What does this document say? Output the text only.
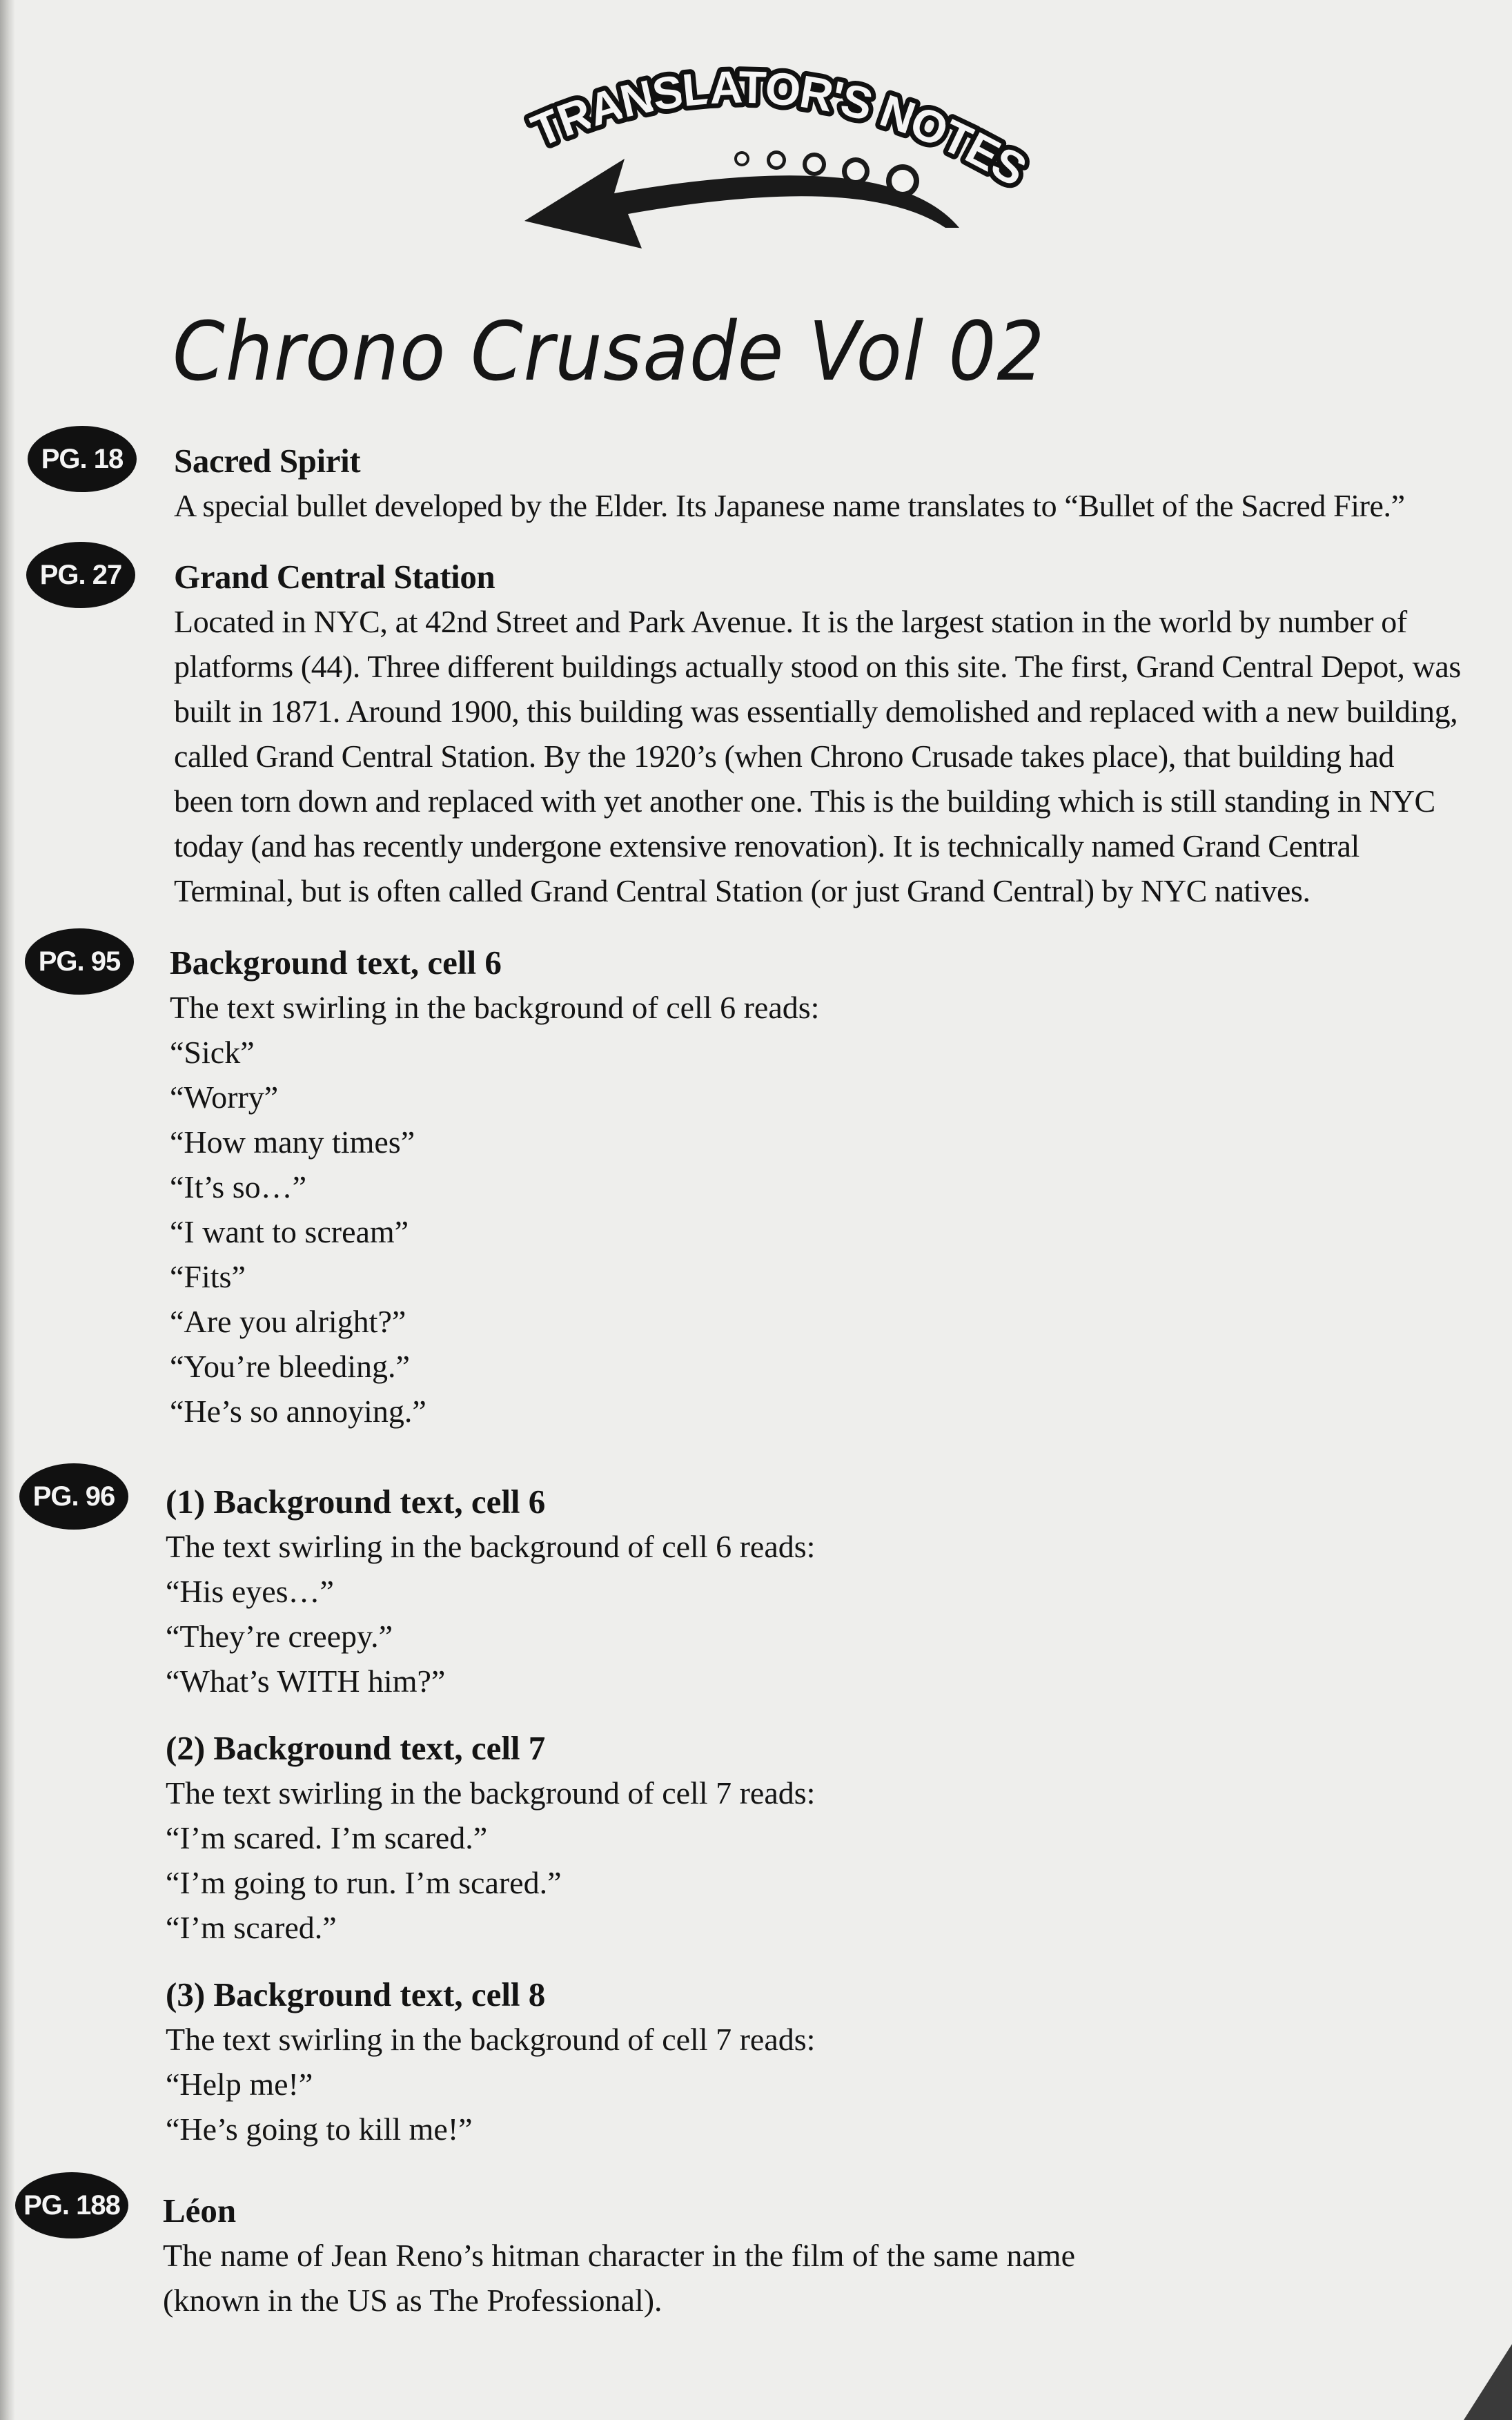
TRANSLATOR'S NOTES
Chrono Crusade Vol 02
PG. 18
PG. 27
PG. 95
PG. 96
PG. 188
Sacred Spirit
A special bullet developed by the Elder. Its Japanese name translates to “Bullet of the Sacred Fire.”
Grand Central Station
Located in NYC, at 42nd Street and Park Avenue. It is the largest station in the world by number of
platforms (44). Three different buildings actually stood on this site. The first, Grand Central Depot, was
built in 1871. Around 1900, this building was essentially demolished and replaced with a new building,
called Grand Central Station. By the 1920’s (when Chrono Crusade takes place), that building had
been torn down and replaced with yet another one. This is the building which is still standing in NYC
today (and has recently undergone extensive renovation). It is technically named Grand Central
Terminal, but is often called Grand Central Station (or just Grand Central) by NYC natives.
Background text, cell 6
The text swirling in the background of cell 6 reads:
“Sick”
“Worry”
“How many times”
“It’s so…”
“I want to scream”
“Fits”
“Are you alright?”
“You’re bleeding.”
“He’s so annoying.”
(1) Background text, cell 6
The text swirling in the background of cell 6 reads:
“His eyes…”
“They’re creepy.”
“What’s WITH him?”
(2) Background text, cell 7
The text swirling in the background of cell 7 reads:
“I’m scared. I’m scared.”
“I’m going to run. I’m scared.”
“I’m scared.”
(3) Background text, cell 8
The text swirling in the background of cell 7 reads:
“Help me!”
“He’s going to kill me!”
Léon
The name of Jean Reno’s hitman character in the film of the same name
(known in the US as The Professional).
